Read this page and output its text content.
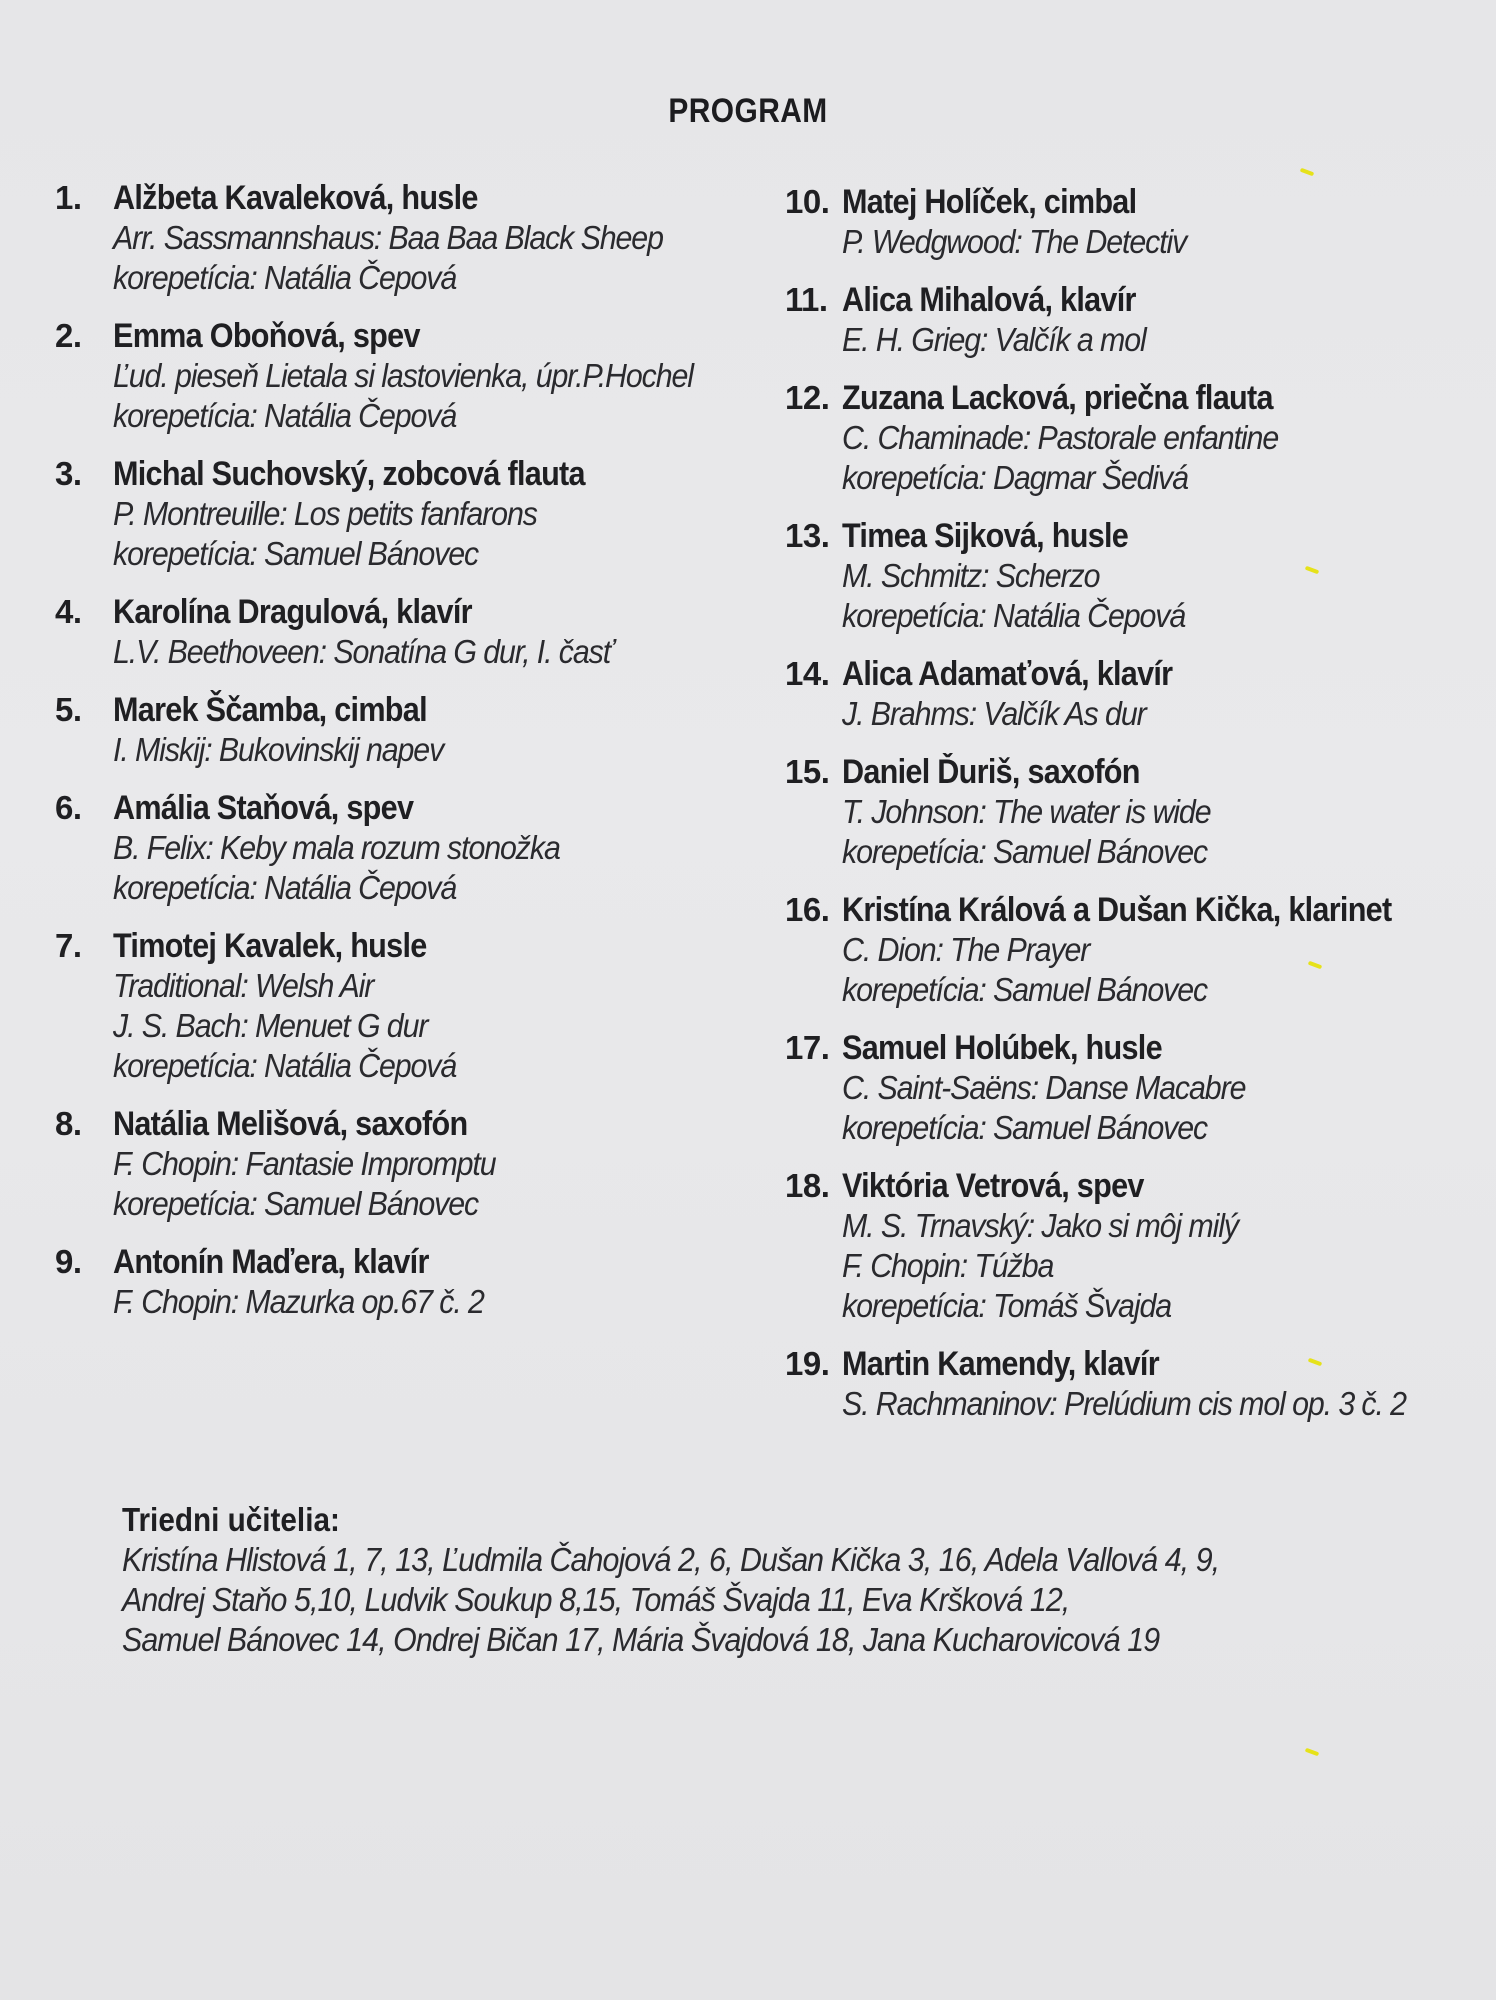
PROGRAM
1. Alžbeta Kavaleková, husle
Arr. Sassmannshaus: Baa Baa Black Sheep
korepetícia: Natália Čepová
2. Emma Oboňová, spev
Ľud. pieseň Lietala si lastovienka, úpr.P.Hochel
korepetícia: Natália Čepová
3. Michal Suchovský, zobcová flauta
P. Montreuille: Los petits fanfarons
korepetícia: Samuel Bánovec
4. Karolína Dragulová, klavír
L.V. Beethoveen: Sonatína G dur, I. časť
5. Marek Ščamba, cimbal
I. Miskij: Bukovinskij napev
6. Amália Staňová, spev
B. Felix: Keby mala rozum stonožka
korepetícia: Natália Čepová
7. Timotej Kavalek, husle
Traditional: Welsh Air
J. S. Bach: Menuet G dur
korepetícia: Natália Čepová
8. Natália Melišová, saxofón
F. Chopin: Fantasie Impromptu
korepetícia: Samuel Bánovec
9. Antonín Maďera, klavír
F. Chopin: Mazurka op.67 č. 2
10. Matej Holíček, cimbal
P. Wedgwood: The Detectiv
11. Alica Mihalová, klavír
E. H. Grieg: Valčík a mol
12. Zuzana Lacková, priečna flauta
C. Chaminade: Pastorale enfantine
korepetícia: Dagmar Šedivá
13. Timea Sijková, husle
M. Schmitz: Scherzo
korepetícia: Natália Čepová
14. Alica Adamaťová, klavír
J. Brahms: Valčík As dur
15. Daniel Ďuriš, saxofón
T. Johnson: The water is wide
korepetícia: Samuel Bánovec
16. Kristína Králová a Dušan Kička, klarinet
C. Dion: The Prayer
korepetícia: Samuel Bánovec
17. Samuel Holúbek, husle
C. Saint-Saëns: Danse Macabre
korepetícia: Samuel Bánovec
18. Viktória Vetrová, spev
M. S. Trnavský: Jako si môj milý
F. Chopin: Túžba
korepetícia: Tomáš Švajda
19. Martin Kamendy, klavír
S. Rachmaninov: Prelúdium cis mol op. 3 č. 2
Triedni učitelia:
Kristína Hlistová 1, 7, 13, Ľudmila Čahojová 2, 6, Dušan Kička 3, 16, Adela Vallová 4, 9,
Andrej Staňo 5,10, Ludvik Soukup 8,15, Tomáš Švajda 11, Eva Kršková 12,
Samuel Bánovec 14, Ondrej Bičan 17, Mária Švajdová 18, Jana Kucharovicová 19
